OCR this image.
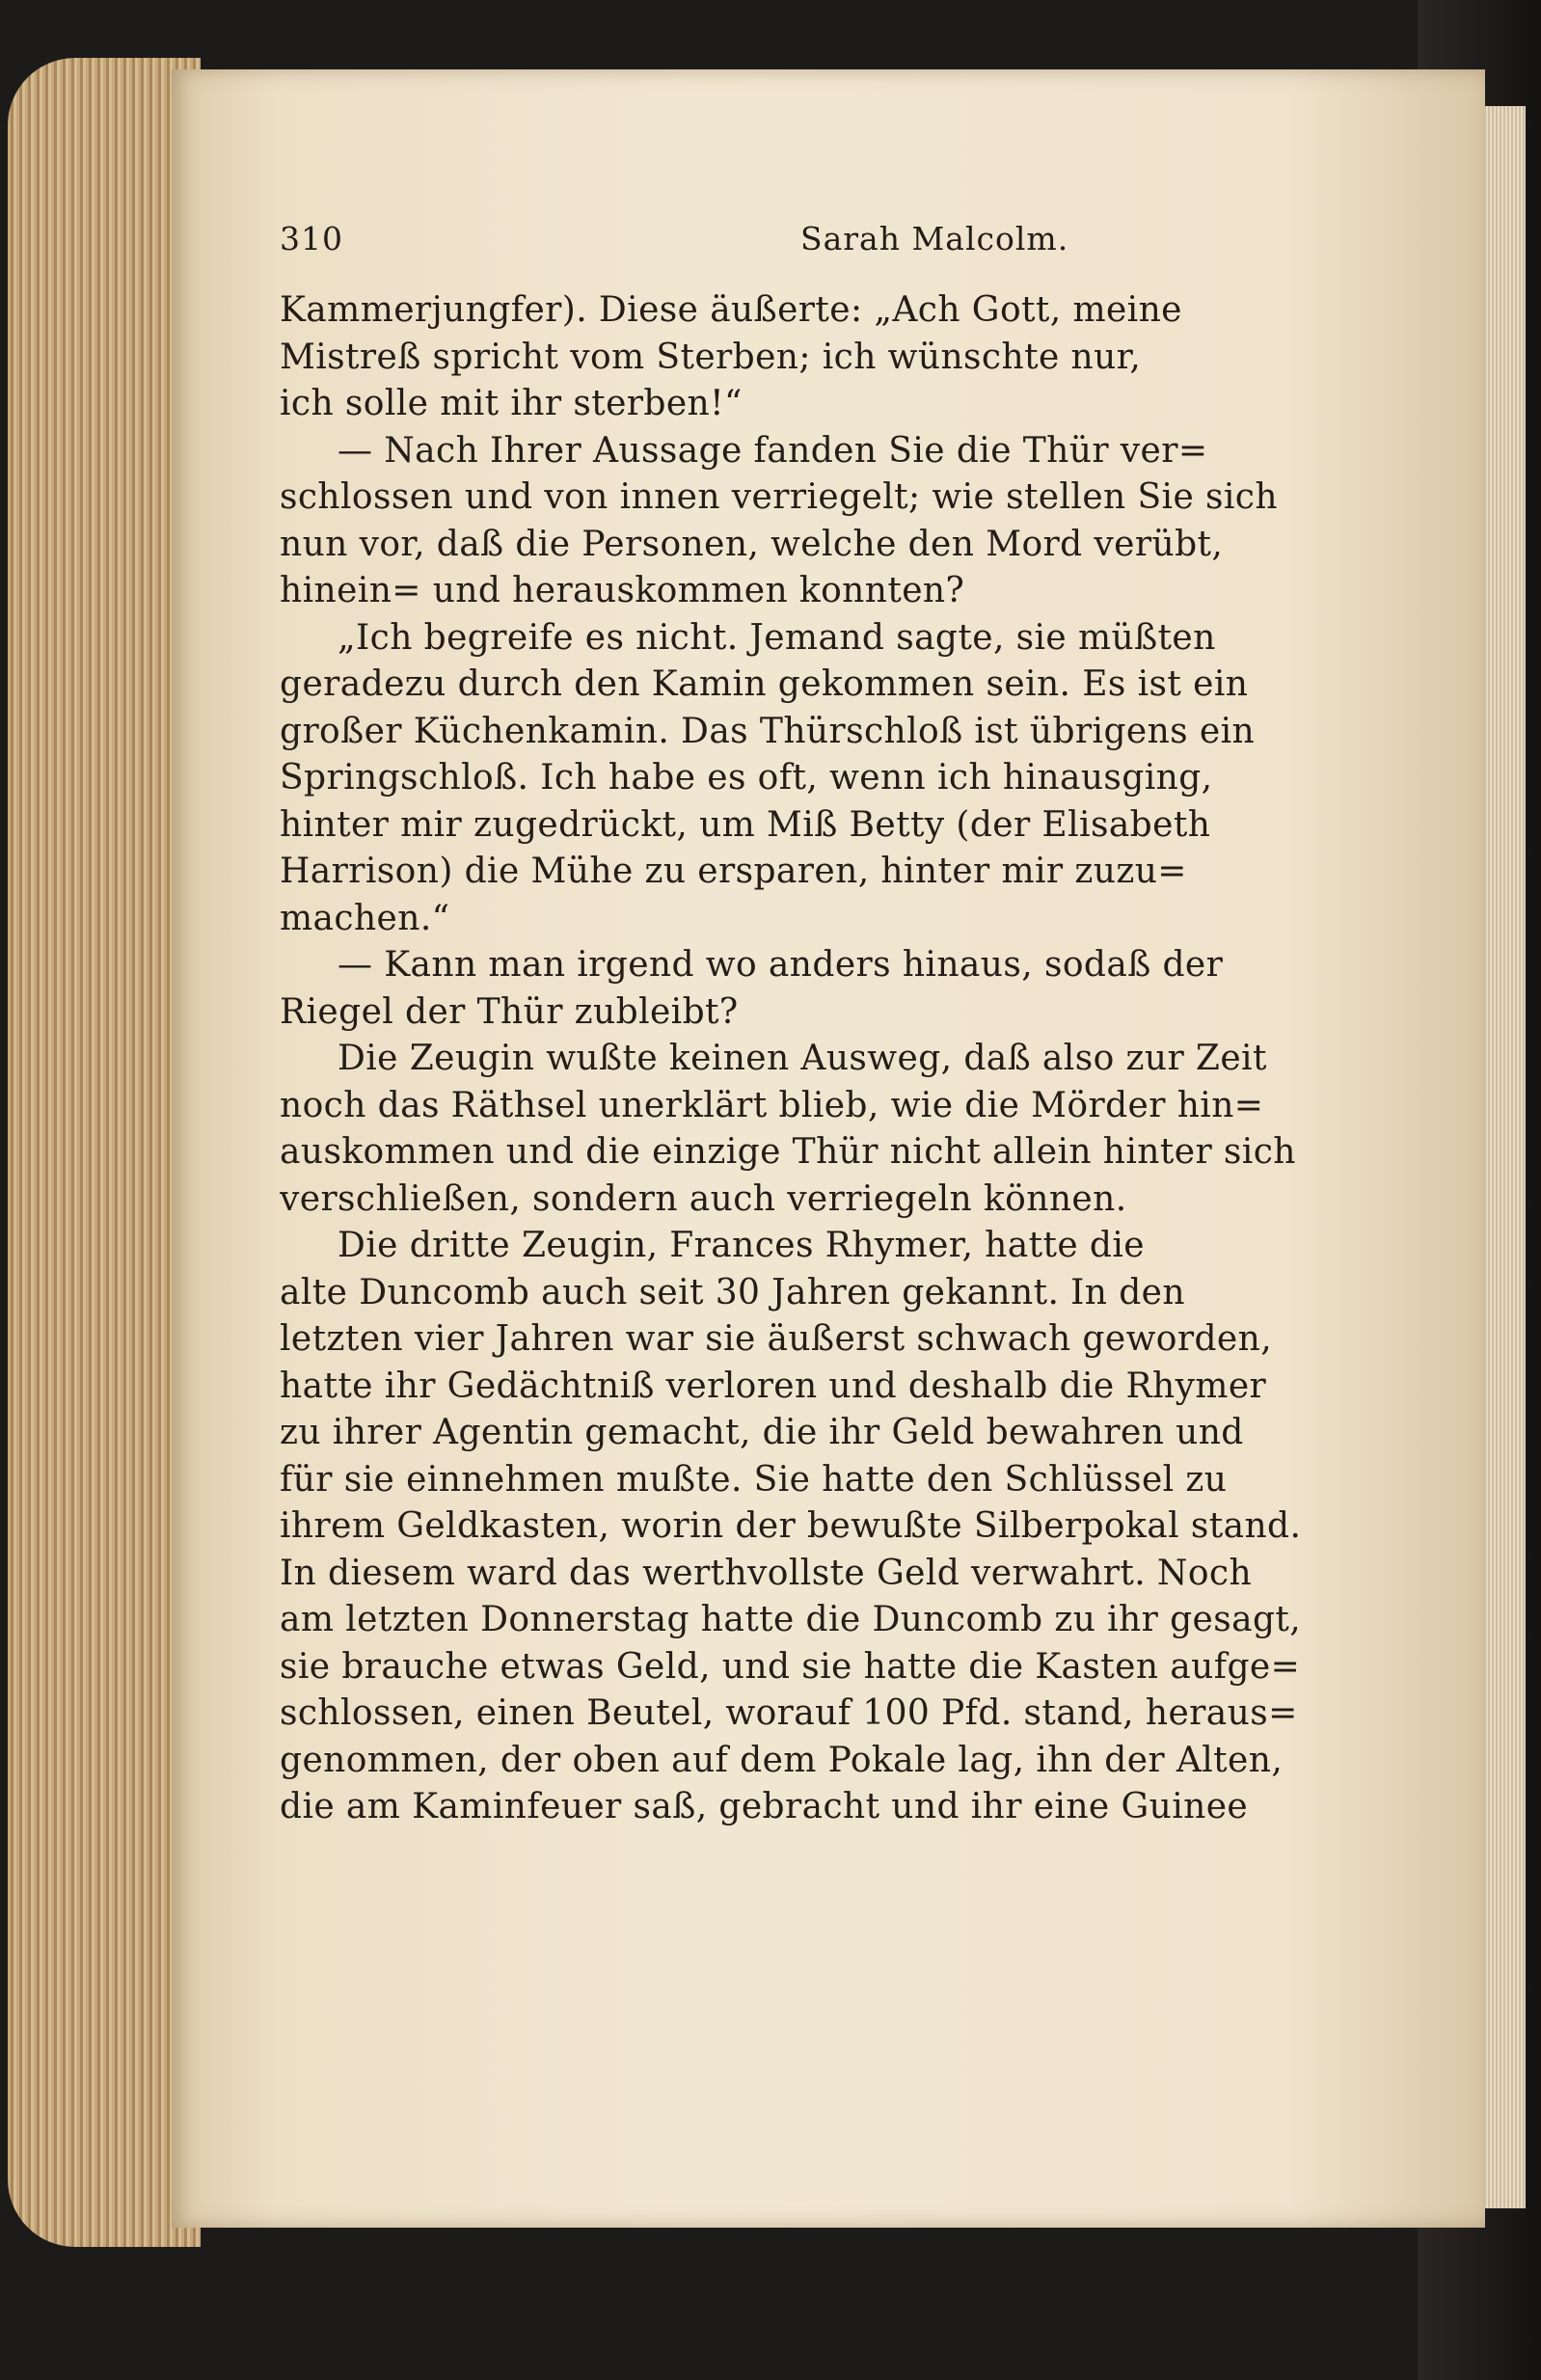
310	Sarah Malcolm.
Kammerjungfer). Diese äußerte: „Ach Gott, meine
Mistreß spricht vom Sterben; ich wünschte nur,
ich solle mit ihr sterben!“
— Nach Ihrer Aussage fanden Sie die Thür ver=
schlossen und von innen verriegelt; wie stellen Sie sich
nun vor, daß die Personen, welche den Mord verübt,
hinein= und herauskommen konnten?
„Ich begreife es nicht. Jemand sagte, sie müßten
geradezu durch den Kamin gekommen sein. Es ist ein
großer Küchenkamin. Das Thürschloß ist übrigens ein
Springschloß. Ich habe es oft, wenn ich hinausging,
hinter mir zugedrückt, um Miß Betty (der Elisabeth
Harrison) die Mühe zu ersparen, hinter mir zuzu=
machen.“
— Kann man irgend wo anders hinaus, sodaß der
Riegel der Thür zubleibt?
Die Zeugin wußte keinen Ausweg, daß also zur Zeit
noch das Räthsel unerklärt blieb, wie die Mörder hin=
auskommen und die einzige Thür nicht allein hinter sich
verschließen, sondern auch verriegeln können.
Die dritte Zeugin, Frances Rhymer, hatte die
alte Duncomb auch seit 30 Jahren gekannt. In den
letzten vier Jahren war sie äußerst schwach geworden,
hatte ihr Gedächtniß verloren und deshalb die Rhymer
zu ihrer Agentin gemacht, die ihr Geld bewahren und
für sie einnehmen mußte. Sie hatte den Schlüssel zu
ihrem Geldkasten, worin der bewußte Silberpokal stand.
In diesem ward das werthvollste Geld verwahrt. Noch
am letzten Donnerstag hatte die Duncomb zu ihr gesagt,
sie brauche etwas Geld, und sie hatte die Kasten aufge=
schlossen, einen Beutel, worauf 100 Pfd. stand, heraus=
genommen, der oben auf dem Pokale lag, ihn der Alten,
die am Kaminfeuer saß, gebracht und ihr eine Guinee
